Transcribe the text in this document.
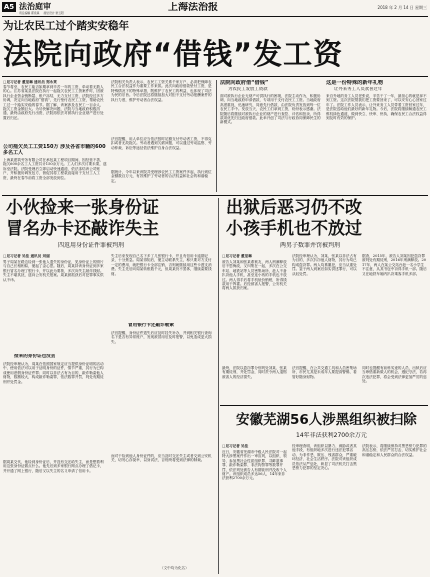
A5 法治庭审
责任编辑 郭泉真 视觉设计 窦云阳	上海法治报	2018 年 2 月 14 日 星期三
为让农民工过个踏实安稳年
法院向政府“借钱”发工资
□见习记者 董里琳 通讯员 郑永莱
春节将至，农民工能否如期拿到辛苦一年的工资，牵动着无数人的心。江苏省某县法院在执行一起拖欠农民工工资案件时，因被执行企业资金链断裂、账户冻结，无力支付工资，法院经过多方协调，决定向当地政府“借钱”，先行垫付农民工工资，帮助农民工过一个踏实安稳的春节。据了解，该案涉及农民工一百余人，拖欠工资金额巨大。为尽快解决问题，法院与当地政府积极沟通，最终由政府先行出资，法院再依法对被执行企业财产进行处置后归还。
公司拖欠员工工资150万 涉及各省市籍的600多名工人
上海某建筑劳务有限公司在承包某工程项目期间，因经营不善，拖欠600余名工人工资共计150余万元。工人们多次讨要未果，遂诉至法院。法院受理后立即启动快速通道，依法冻结该公司账户，并积极协调发包方，督促其将工程款直接用于支付工人工资，最终在春节前将工资全部发放到位。
法院相关负责人表示，农民工工资关系千家万户，必须把保障农民工合法权益作为重要工作来抓。此次向政府借款垫付工资，是特殊情况下的特殊举措，既维护了农民工的利益，也体现了司法为民的宗旨。今后法院还将继续加大对拒不支付劳动报酬案件的执行力度，维护劳动者合法权益。
法官提醒，用人单位应当依法按时足额支付劳动者工资，不得克扣或者无故拖欠。劳动者遇到欠薪问题，可以通过劳动监察、劳动仲裁、诉讼等途径依法维护自身合法权益。
据统计，今年以来该院共受理涉农民工工资案件多起，执行到位金额数百万元，有效维护了劳动者的合法权益和社会的和谐稳定。
法院向政府借“借钱”
为农民工发放工资款
面对被执行企业无财产可供执行的困境，法院主动作为，积极协调，向当地政府申请借款，专项用于支付农民工工资。当地政府高度重视，迅速研究，同意先行借款，由法院负责发放到每一位农民工手中。发放当天，农民工们拿到工资，纷纷表示感谢。法院随后将继续对被执行企业的财产进行查控、评估和拍卖，所得款项优先归还政府借款。此举开创了司法与行政协同保障民生的新模式。
这是一份特殊的新年礼物
让外来务工人员欢喜过年
来自外地的务工人员老张说，辛苦干了一年，最担心的就是拿不到工资。这次法院帮我们把工资要回来了，可以安安心心回家过年了。法院工作人员表示，让外来务工人员带着工资回家过年，是法院送给他们最好的新年礼物。今后，法院将继续畅通农民工维权绿色通道，做到快立、快审、快执，确保农民工合法权益得到及时有效的保护。
小伙捡来一张身份证
冒名办卡还敲诈失主
四返用身份证件罪被判刑
□见习记者 吴佳 通讯员 刘丽
男子周某在路边捡到一张他人遗失的身份证，见身份证上的照片与自己长相相似，便起了歪心思。随后，周某持该身份证到多家银行冒名办理了银行卡，并以此为要挟，多次向失主敲诈钱财。失主不堪其扰，遂向公安机关报案。周某被抓获后对犯罪事实供认不讳。
捡来的身份证也没丢
法院经审理认为，周某在依照国家规定应当提供身份证明的活动中，使用依法可以用于证明身份的证件，情节严重，其行为已构成使用虚假身份证件罪；同时以非法占有为目的，敲诈勒索他人财物，数额较大，构成敲诈勒索罪，依法数罪并罚，判处有期徒刑并处罚金。
据周某交代，他捡到身份证后，并没有交还给失主，而是想着利用这张身份证做点什么。他先后到多家银行网点办理了借记卡，并开通了网上银行，随后又以失主的名义申请了信用卡。
失主后来发现自己名下多了几张银行卡，并且有信用卡逾期记录，十分焦急。周某得知后，便主动联系失主，称只要对方支付一定的费用，就把银行卡全部注销，否则就继续用这些卡透支消费。失主先后向周某转账数千元，但周某仍不罢休，继续索要钱财。
冒用银行卡还敲诈勒索
法官提醒，身份证件遗失后应及时挂失补办，并到相关银行查询名下是否有异常账户，发现被冒用后及时报警，以免造成更大损失。
而对于捡到他人身份证件的，应当及时交还失主或者交到公安机关，切勿心存侥幸，以身试法，否则终将受到法律的制裁。
（文中均为化名）
出狱后恶习仍不改
小孩手机也不放过
两男子数罪并罚被判刑
□见习记者 董里琳
被告人刘某和张某系狱友，两人刑满释放后不思悔改，又纠集在一起，多次在公交车站、地铁站等人员密集场所，趁人不备扒窃他人手机，甚至连小孩的手机也不放过。两人得手后将手机低价销赃，所得钱款用于挥霍。后经被害人报警，公安机关将两人抓获归案。
法院经审理认为，刘某、张某以非法占有为目的，多次扒窃他人财物，其行为均已构成盗窃罪。两人均系累犯，应当从重处罚。鉴于两人到案后如实供述罪行，可以从轻处罚。
据查，2015年，被告人刘某因犯盗窃罪被判处有期徒刑，2016年刑满释放。2017年，两人在某公交站台趁一名小学生不注意，从其书包中窃得手机一部。随后又在地铁车厢内扒窃乘客手机多部。
最终，法院以盗窃罪分别判处刘某、张某有期徒刑，并处罚金，同时责令两人退赔被害人的经济损失。
法官提醒，在公共交通工具和人员密集场所，市民尤其是未成年人要提高警惕，看管好随身财物。
同时也提醒有前科劣迹的人员，出狱后应当珍惜重新做人的机会，遵纪守法，若再次违法犯罪，将会受到法律更加严厉的惩处。
安徽芜湖56人涉黑组织被扫除
14年非法获利2700余万元
□见习记者 吴佳
近日，安徽省芜湖市中级人民法院对一起特大涉黑案件作出一审宣判，以组织、领导、参加黑社会性质组织罪、寻衅滋事罪、敲诈勒索罪、非法拘禁罪等数罪并罚，依法判处被告人有期徒刑并没收个人财产。该组织成员多达56人，14年来非法获利2700余万元。
经审理查明，该组织以暴力、威胁或者其他手段，有组织地多次进行违法犯罪活动，为非作恶，欺压、残害群众，严重破坏经济、社会生活秩序。法院对该组织成员依法从严惩处，彰显了司法机关打击黑恶势力犯罪的坚定决心。
法院表示，将继续保持对黑恶势力犯罪的高压态势，依法严厉打击，切实维护社会和谐稳定和人民群众的合法权益。
